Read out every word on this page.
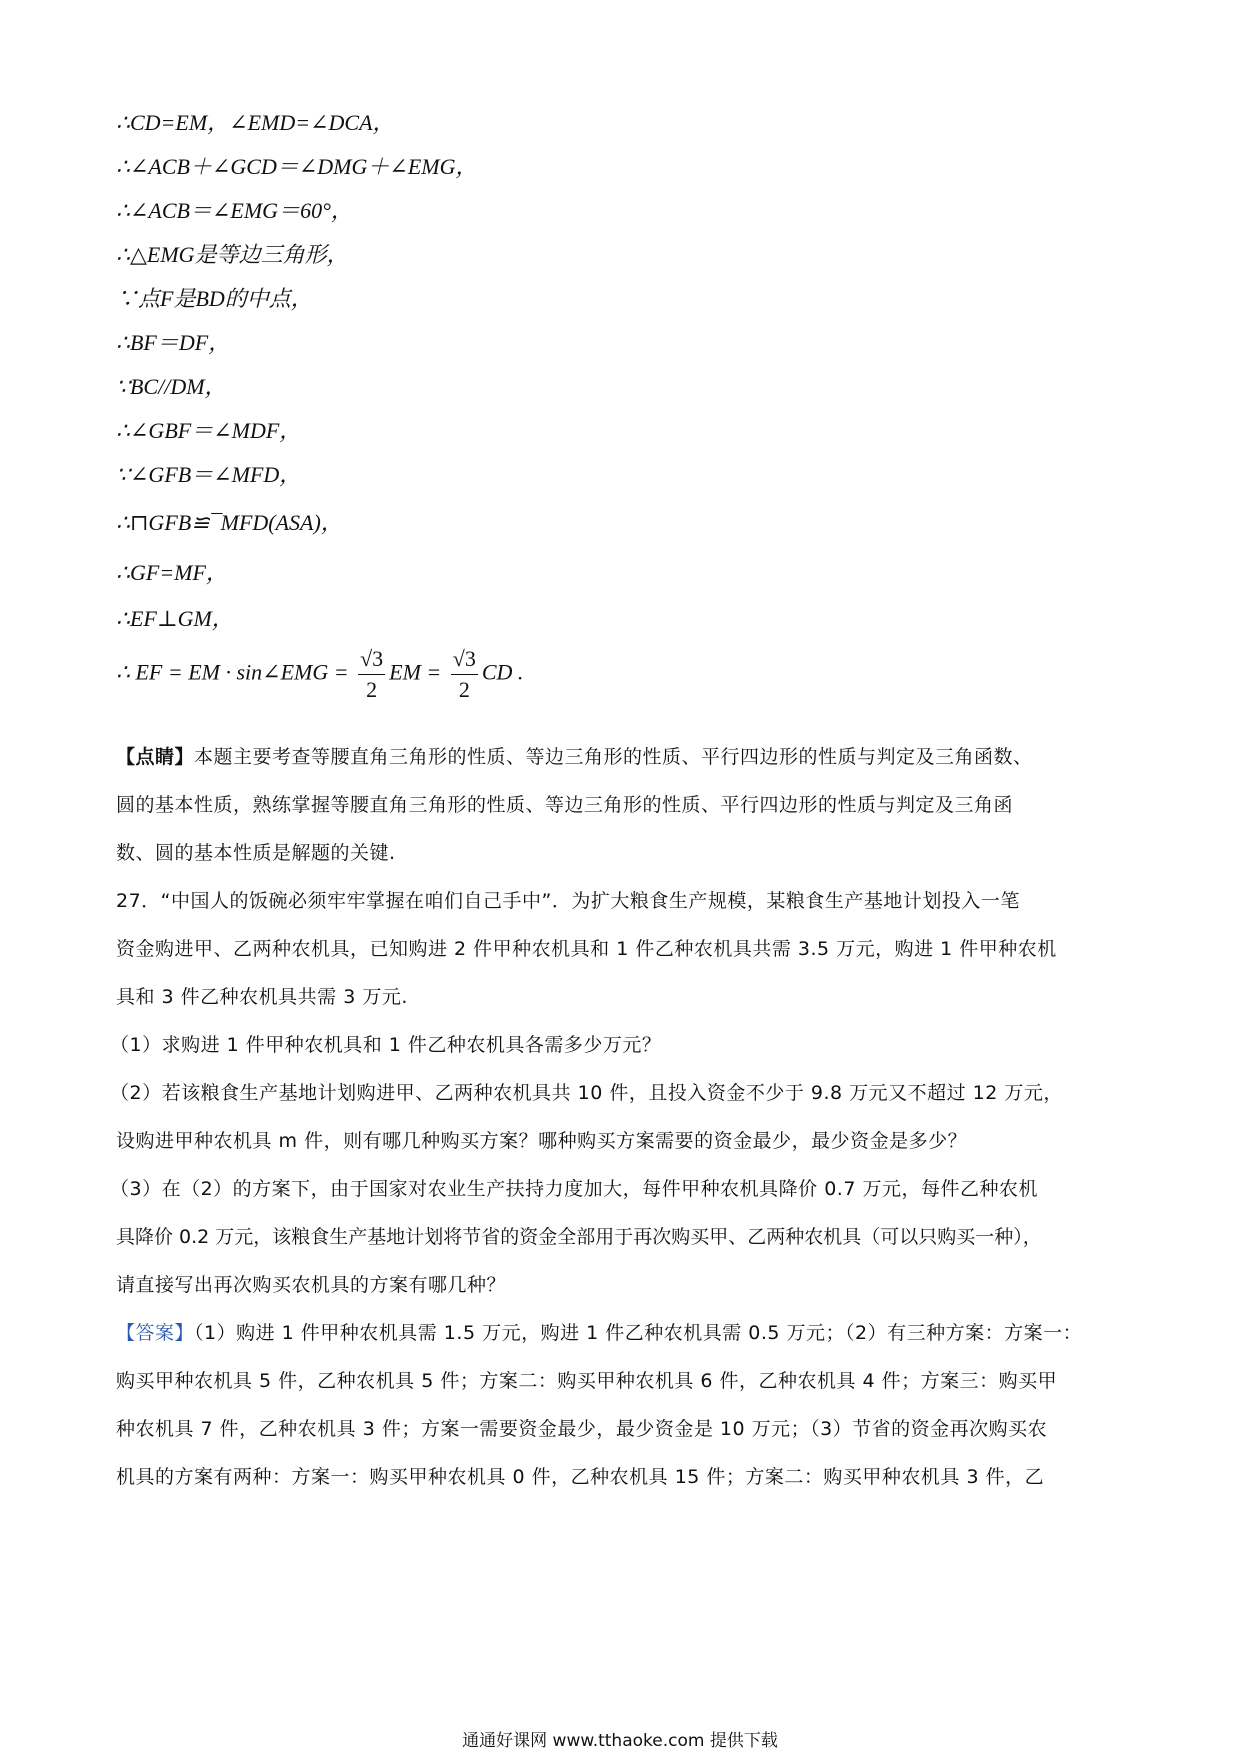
∴CD=EM，∠EMD=∠DCA，
∴∠ACB＋∠GCD＝∠DMG＋∠EMG，
∴∠ACB＝∠EMG＝60°，
∴△EMG是等边三角形，
∵点F是BD的中点，
∴BF＝DF，
∵BC//DM，
∴∠GBF＝∠MDF，
∵∠GFB＝∠MFD，
∴⊓GFB≌¯MFD(ASA)，
∴GF=MF，
∴EF⊥GM，
∴ EF = EM · sin∠EMG = $\frac{√3}{2}$ EM = $\frac{√3}{2}$ CD .
【点睛】本题主要考查等腰直角三角形的性质、等边三角形的性质、平行四边形的性质与判定及三角函数、
圆的基本性质，熟练掌握等腰直角三角形的性质、等边三角形的性质、平行四边形的性质与判定及三角函
数、圆的基本性质是解题的关键.
27．“中国人的饭碗必须牢牢掌握在咱们自己手中”．为扩大粮食生产规模，某粮食生产基地计划投入一笔
资金购进甲、乙两种农机具，已知购进 2 件甲种农机具和 1 件乙种农机具共需 3.5 万元，购进 1 件甲种农机
具和 3 件乙种农机具共需 3 万元.
（1）求购进 1 件甲种农机具和 1 件乙种农机具各需多少万元？
（2）若该粮食生产基地计划购进甲、乙两种农机具共 10 件，且投入资金不少于 9.8 万元又不超过 12 万元，
设购进甲种农机具 m 件，则有哪几种购买方案？哪种购买方案需要的资金最少，最少资金是多少？
（3）在（2）的方案下，由于国家对农业生产扶持力度加大，每件甲种农机具降价 0.7 万元，每件乙种农机
具降价 0.2 万元，该粮食生产基地计划将节省的资金全部用于再次购买甲、乙两种农机具（可以只购买一种），
请直接写出再次购买农机具的方案有哪几种？
【答案】（1）购进 1 件甲种农机具需 1.5 万元，购进 1 件乙种农机具需 0.5 万元；（2）有三种方案：方案一：
购买甲种农机具 5 件，乙种农机具 5 件；方案二：购买甲种农机具 6 件，乙种农机具 4 件；方案三：购买甲
种农机具 7 件，乙种农机具 3 件；方案一需要资金最少，最少资金是 10 万元；（3）节省的资金再次购买农
机具的方案有两种：方案一：购买甲种农机具 0 件，乙种农机具 15 件；方案二：购买甲种农机具 3 件，乙
通通好课网 www.tthaoke.com 提供下载
